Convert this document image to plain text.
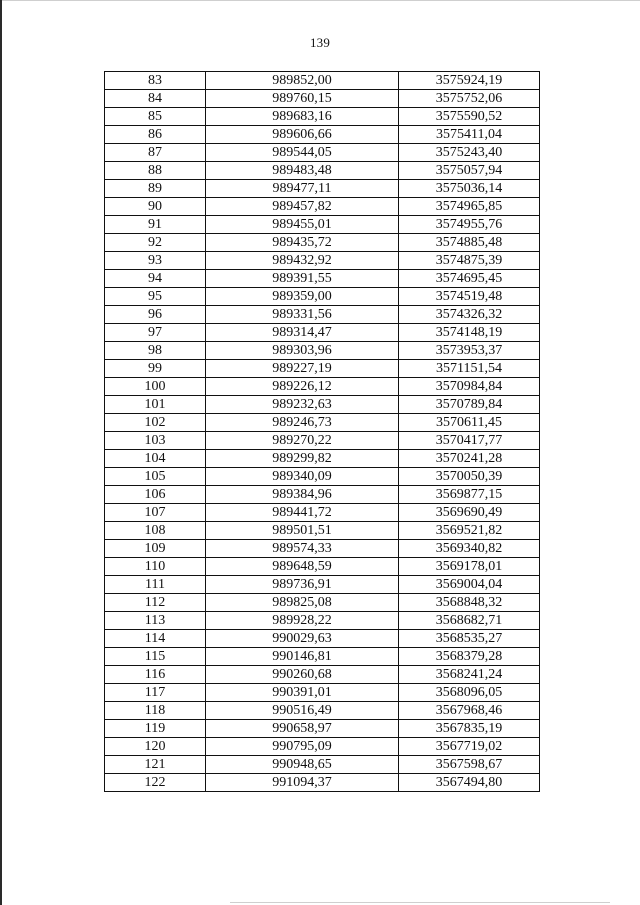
139
83	989852,00	3575924,19
84	989760,15	3575752,06
85	989683,16	3575590,52
86	989606,66	3575411,04
87	989544,05	3575243,40
88	989483,48	3575057,94
89	989477,11	3575036,14
90	989457,82	3574965,85
91	989455,01	3574955,76
92	989435,72	3574885,48
93	989432,92	3574875,39
94	989391,55	3574695,45
95	989359,00	3574519,48
96	989331,56	3574326,32
97	989314,47	3574148,19
98	989303,96	3573953,37
99	989227,19	3571151,54
100	989226,12	3570984,84
101	989232,63	3570789,84
102	989246,73	3570611,45
103	989270,22	3570417,77
104	989299,82	3570241,28
105	989340,09	3570050,39
106	989384,96	3569877,15
107	989441,72	3569690,49
108	989501,51	3569521,82
109	989574,33	3569340,82
110	989648,59	3569178,01
111	989736,91	3569004,04
112	989825,08	3568848,32
113	989928,22	3568682,71
114	990029,63	3568535,27
115	990146,81	3568379,28
116	990260,68	3568241,24
117	990391,01	3568096,05
118	990516,49	3567968,46
119	990658,97	3567835,19
120	990795,09	3567719,02
121	990948,65	3567598,67
122	991094,37	3567494,80
